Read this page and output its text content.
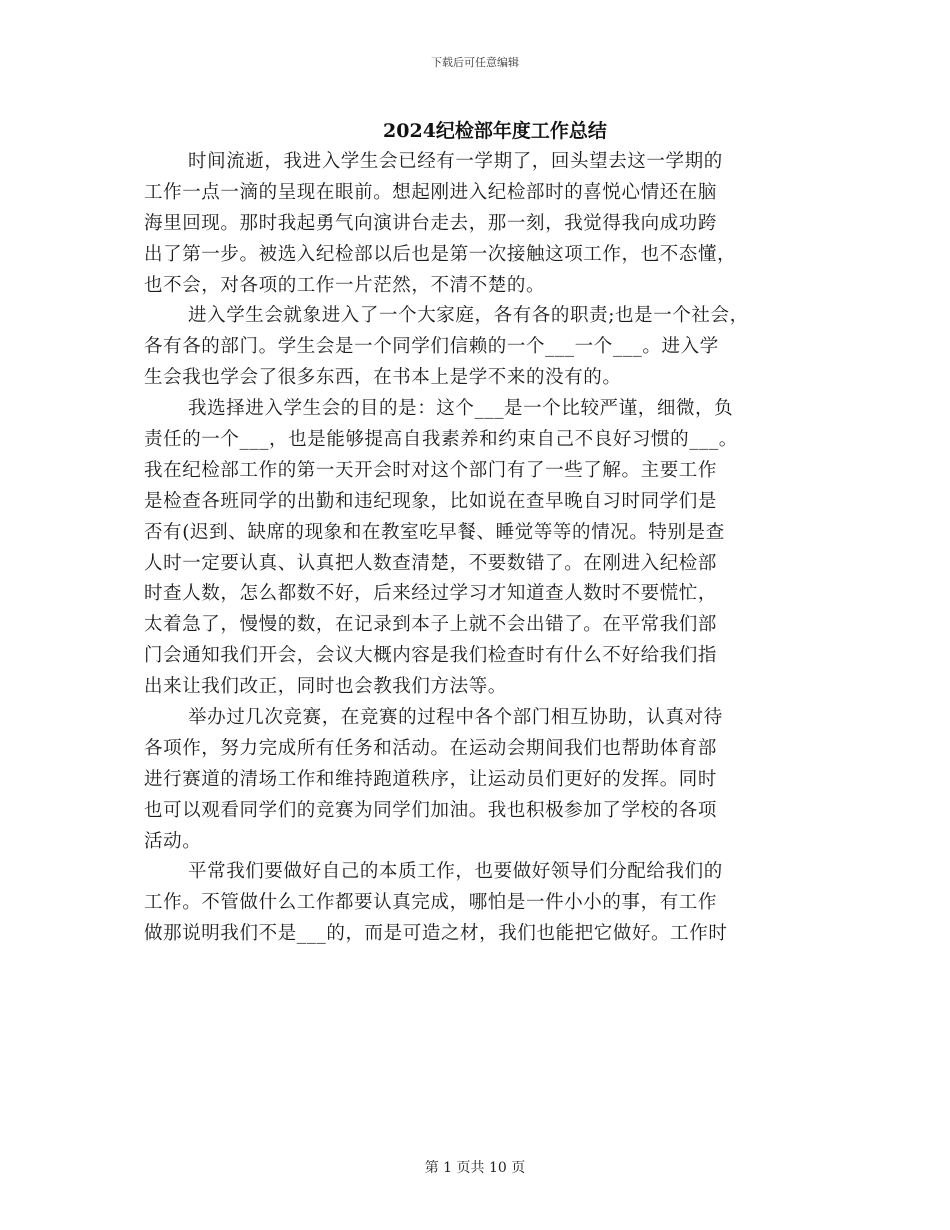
下载后可任意编辑
2024纪检部年度工作总结
时间流逝，我进入学生会已经有一学期了，回头望去这一学期的
工作一点一滴的呈现在眼前。想起刚进入纪检部时的喜悦心情还在脑
海里回现。那时我起勇气向演讲台走去，那一刻，我觉得我向成功跨
出了第一步。被选入纪检部以后也是第一次接触这项工作，也不态懂，
也不会，对各项的工作一片茫然，不清不楚的。
进入学生会就象进入了一个大家庭，各有各的职责;也是一个社会，
各有各的部门。学生会是一个同学们信赖的一个___一个___。进入学
生会我也学会了很多东西，在书本上是学不来的没有的。
我选择进入学生会的目的是：这个___是一个比较严谨，细微，负
责任的一个___，也是能够提高自我素养和约束自己不良好习惯的___。
我在纪检部工作的第一天开会时对这个部门有了一些了解。主要工作
是检查各班同学的出勤和违纪现象，比如说在查早晚自习时同学们是
否有(迟到、缺席的现象和在教室吃早餐、睡觉等等的情况。特别是查
人时一定要认真、认真把人数查清楚，不要数错了。在刚进入纪检部
时查人数，怎么都数不好，后来经过学习才知道查人数时不要慌忙，
太着急了，慢慢的数，在记录到本子上就不会出错了。在平常我们部
门会通知我们开会，会议大概内容是我们检查时有什么不好给我们指
出来让我们改正，同时也会教我们方法等。
举办过几次竞赛，在竞赛的过程中各个部门相互协助，认真对待
各项作，努力完成所有任务和活动。在运动会期间我们也帮助体育部
进行赛道的清场工作和维持跑道秩序，让运动员们更好的发挥。同时
也可以观看同学们的竞赛为同学们加油。我也积极参加了学校的各项
活动。
平常我们要做好自己的本质工作，也要做好领导们分配给我们的
工作。不管做什么工作都要认真完成，哪怕是一件小小的事，有工作
做那说明我们不是___的，而是可造之材，我们也能把它做好。工作时
第 1 页共 10 页
